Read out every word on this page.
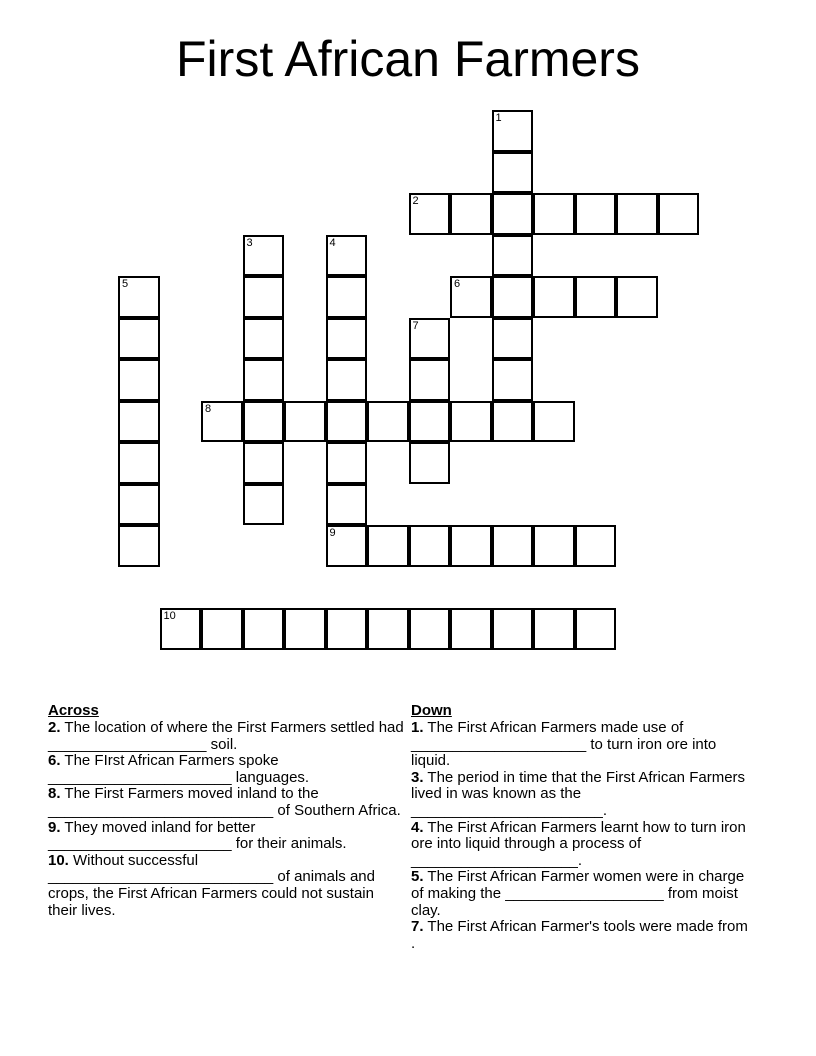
First African Farmers
1
2
3	4
5	6
7
8
9
10
Across

2. The location of where the First Farmers settled had ___________________ soil.

6. The FIrst African Farmers spoke ______________________ languages.

8. The First Farmers moved inland to the ___________________________ of Southern Africa.

9. They moved inland for better ______________________ for their animals.

10. Without successful ___________________________ of animals and crops, the First African Farmers could not sustain their lives.

Down

1. The First African Farmers made use of _____________________ to turn iron ore into liquid.

3. The period in time that the First African Farmers lived in was known as the _______________________.

4. The First African Farmers learnt how to turn iron ore into liquid through a process of ____________________.

5. The First African Farmer women were in charge of making the ___________________ from moist clay.

7. The First African Farmer's tools were made from .
